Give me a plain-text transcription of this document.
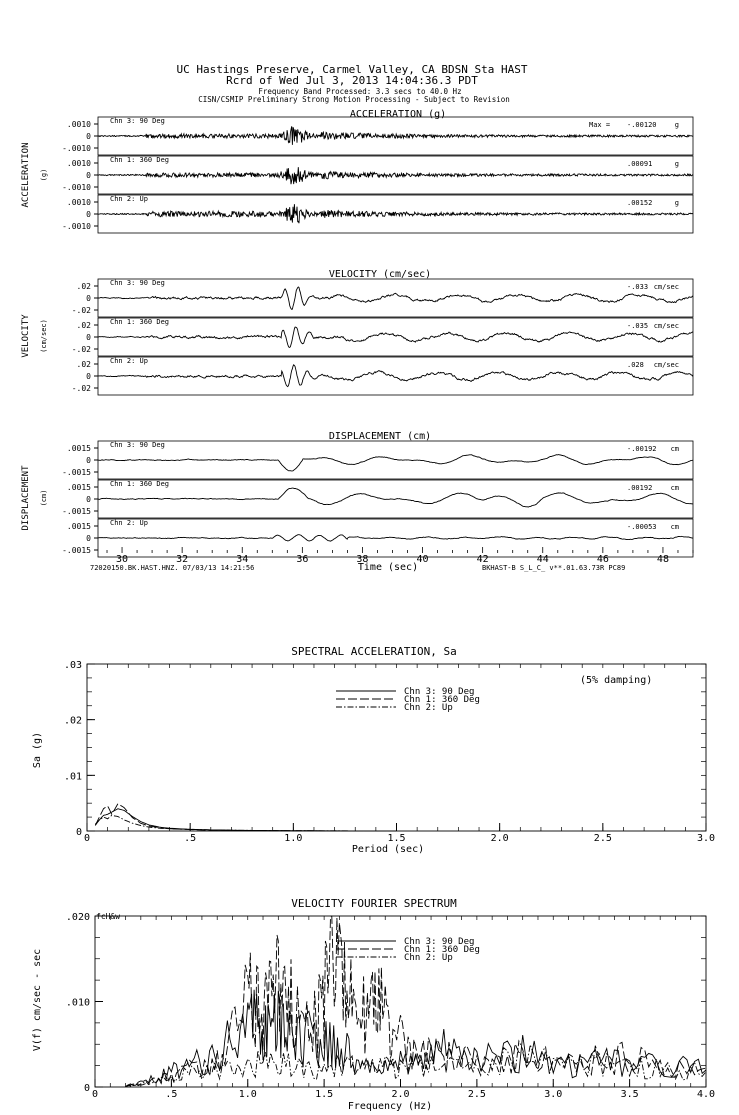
UC Hastings Preserve, Carmel Valley, CA BDSN Sta HAST
Rcrd of Wed Jul 3, 2013 14:04:36.3 PDT
Frequency Band Processed: 3.3 secs to 40.0 Hz
CISN/CSMIP Preliminary Strong Motion Processing - Subject to Revision
ACCELERATION (g)
ACCELERATION (g)
.0010
0
-.0010
Chn 3: 90 Deg	Max = -.00120	g
.0010
0
-.0010
Chn 1: 360 Deg	.00091	g
.0010
0
-.0010
Chn 2: Up	.00152	g
VELOCITY (cm/sec)
VELOCITY (cm/sec)
.02
0
-.02
Chn 3: 90 Deg	-.033 cm/sec
.02
0
-.02
Chn 1: 360 Deg	-.035 cm/sec
.02
0
-.02
Chn 2: Up	.028 cm/sec
DISPLACEMENT (cm)
DISPLACEMENT (cm)
.0015
0
-.0015
Chn 3: 90 Deg	-.00192 cm
.0015
0
-.0015
Chn 1: 360 Deg	.00192	cm
.0015
0
-.0015
Chn 2: Up	-.00053 cm
30	32	34	36	38	40	42	44	46	48
Time (sec)
72020150.BK.HAST.HNZ. 07/03/13 14:21:56	BKHAST-B S_L_C_ v**.01.63.73R PC89
SPECTRAL ACCELERATION, Sa
0	.5	1.0	1.5	2.0	2.5	3.0
0
.01
.02
.03
(5% damping)
Sa (g)
Period (sec)
Chn 3: 90 Deg
Chn 1: 360 Deg
Chn 2: Up
VELOCITY FOURIER SPECTRUM
0	.5	1.0	1.5	2.0	2.5	3.0	3.5	4.0
0
.010
.020 fcH&w
V(f) cm/sec - sec
Frequency (Hz)
Chn 3: 90 Deg
Chn 1: 360 Deg
Chn 2: Up
